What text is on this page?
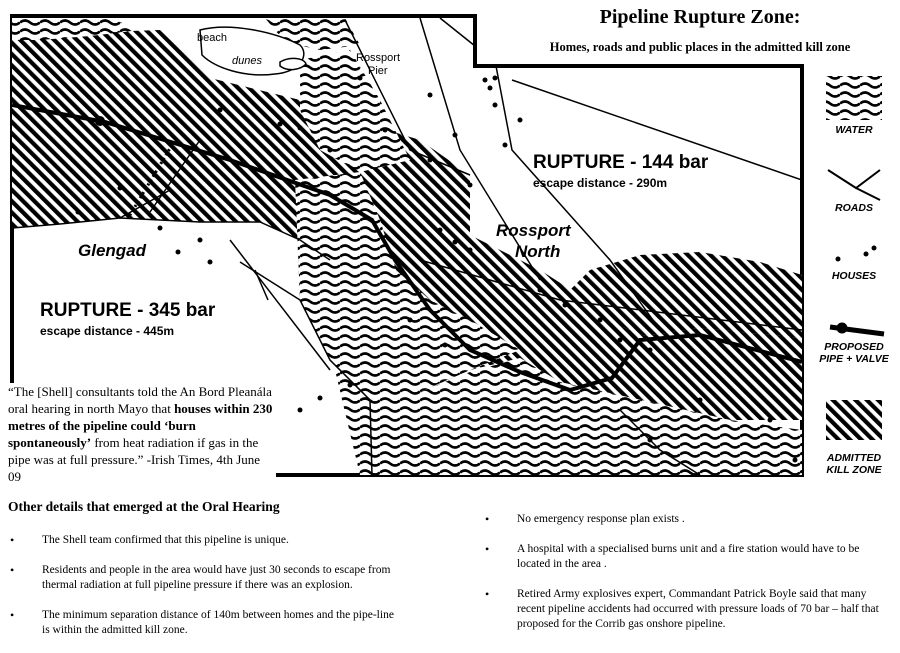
Pipeline Rupture Zone:
Homes, roads and public places in the admitted kill zone
beach
dunes	Rossport
Pier
Glengad
Rossport
North
RUPTURE - 144 bar
escape distance - 290m
RUPTURE - 345 bar
escape distance - 445m
WATER
ROADS
HOUSES
PROPOSED
PIPE + VALVE
ADMITTED
KILL ZONE
“The [Shell] consultants told the An Bord Pleanála oral hearing in north Mayo that houses within 230 metres of the pipeline could ‘burn spontaneously’ from heat radiation if gas in the pipe was at full pressure.” -Irish Times, 4th June 09
Other details that emerged at the Oral Hearing
• The Shell team confirmed that this pipeline is unique.
• Residents and people in the area would have just 30 seconds to escape from thermal radiation at full pipeline pressure if there was an explosion.
• The minimum separation distance of 140m between homes and the pipe-line is within the admitted kill zone.
• No emergency response plan exists .
• A hospital with a specialised burns unit and a fire station would have to be located in the area .
• Retired Army explosives expert, Commandant Patrick Boyle said that many recent pipeline accidents had occurred with pressure loads of 70 bar – half that proposed for the Corrib gas onshore pipeline.
